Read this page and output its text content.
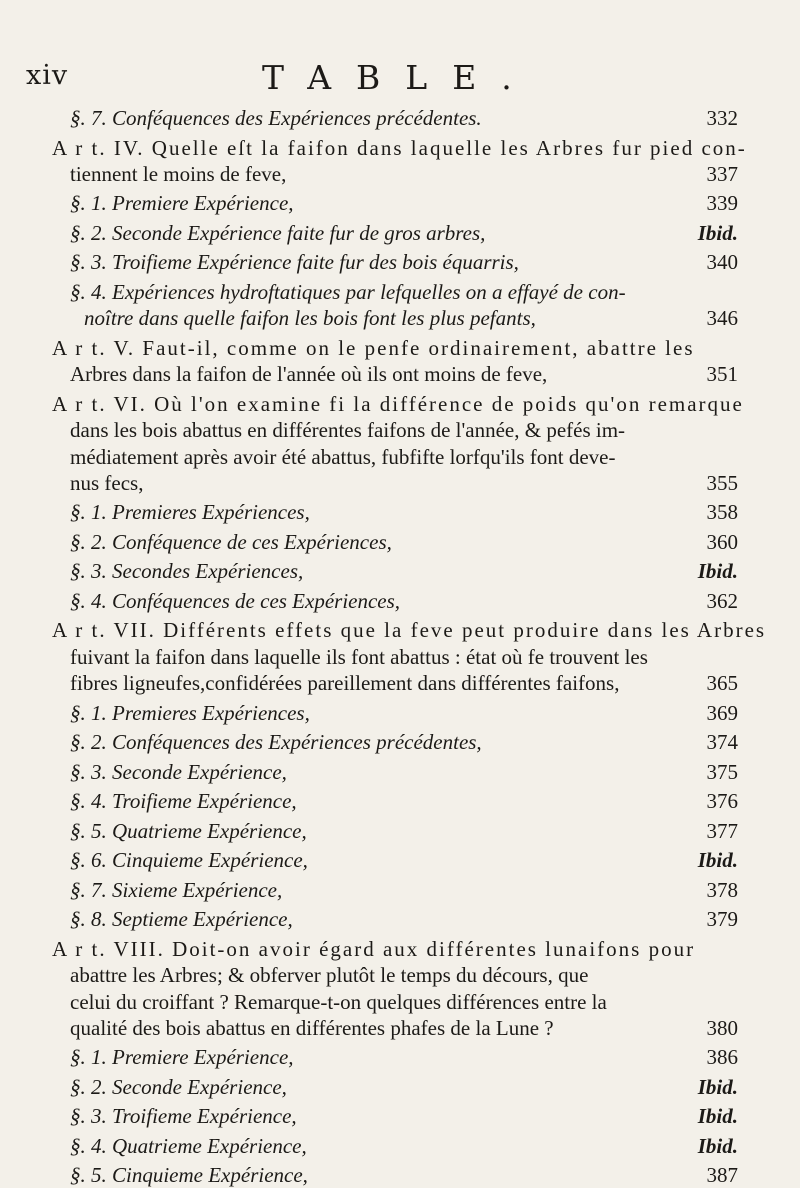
xiv	TABLE.
§. 7. Conféquences des Expériences précédentes.	332
A r t. IV. Quelle eſt la faifon dans laquelle les Arbres fur pied con-
tiennent le moins de feve,	337
§. 1. Premiere Expérience,	339
§. 2. Seconde Expérience faite fur de gros arbres,	Ibid.
§. 3. Troifieme Expérience faite fur des bois équarris,	340
§. 4. Expériences hydroftatiques par lefquelles on a effayé de con-
noître dans quelle faifon les bois font les plus pefants,	346
A r t. V. Faut-il, comme on le penfe ordinairement, abattre les
Arbres dans la faifon de l'année où ils ont moins de feve,	351
A r t. VI. Où l'on examine fi la différence de poids qu'on remarque
dans les bois abattus en différentes faifons de l'année, & pefés im-
médiatement après avoir été abattus, fubfifte lorfqu'ils font deve-
nus fecs,	355
§. 1. Premieres Expériences,	358
§. 2. Conféquence de ces Expériences,	360
§. 3. Secondes Expériences,	Ibid.
§. 4. Conféquences de ces Expériences,	362
A r t. VII. Différents effets que la feve peut produire dans les Arbres
fuivant la faifon dans laquelle ils font abattus : état où fe trouvent les
fibres ligneufes,confidérées pareillement dans différentes faifons,	365
§. 1. Premieres Expériences,	369
§. 2. Conféquences des Expériences précédentes,	374
§. 3. Seconde Expérience,	375
§. 4. Troifieme Expérience,	376
§. 5. Quatrieme Expérience,	377
§. 6. Cinquieme Expérience,	Ibid.
§. 7. Sixieme Expérience,	378
§. 8. Septieme Expérience,	379
A r t. VIII. Doit-on avoir égard aux différentes lunaifons pour
abattre les Arbres; & obferver plutôt le temps du décours, que
celui du croiffant ? Remarque-t-on quelques différences entre la
qualité des bois abattus en différentes phafes de la Lune ?	380
§. 1. Premiere Expérience,	386
§. 2. Seconde Expérience,	Ibid.
§. 3. Troifieme Expérience,	Ibid.
§. 4. Quatrieme Expérience,	Ibid.
§. 5. Cinquieme Expérience,	387
